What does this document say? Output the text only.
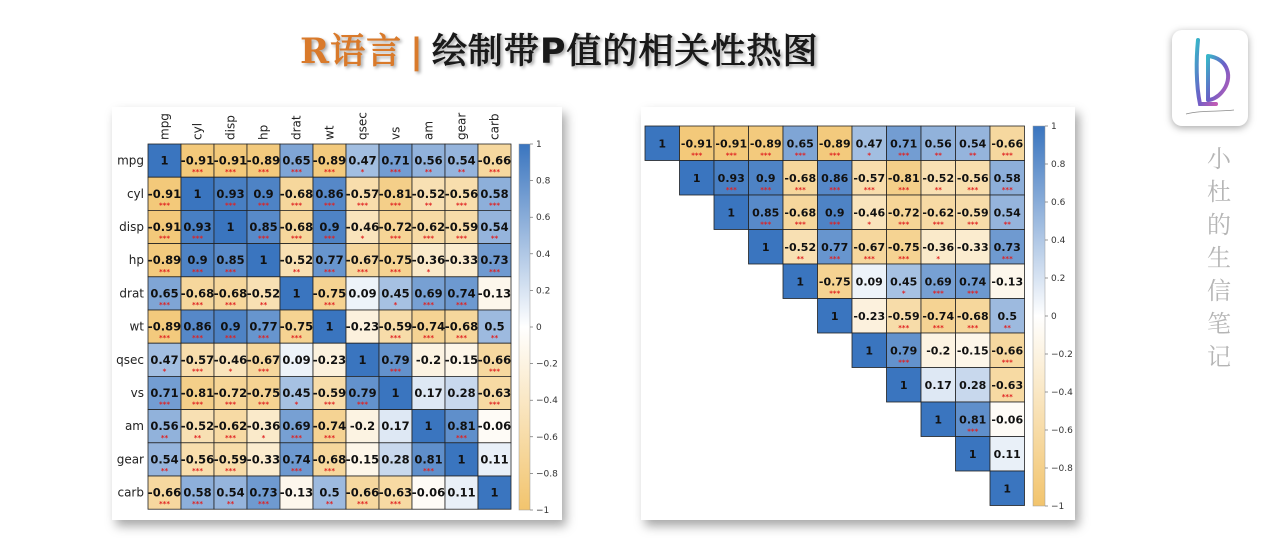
R语言 | 绘制带P值的相关性热图
mpg
mpg
cyl
cyl
disp
disp
hp
hp
drat
drat
wt
wt
qsec
qsec
vs
vs
am
am
gear
gear
carb
carb
1 -0.91
***
-0.91
***
-0.89
***
0.65
***
-0.89
***
0.47
*
0.71
***
0.56
**
0.54
**
-0.66
***
-0.91
***
1 0.93
***
0.9
***
-0.68
***
0.86
***
-0.57
***
-0.81
***
-0.52
**
-0.56
***
0.58
***
-0.91
***
0.93
***
1 0.85
***
-0.68
***
0.9
***
-0.46
*
-0.72
***
-0.62
***
-0.59
***
0.54
**
-0.89
***
0.9
***
0.85
***
1 -0.52
**
0.77
***
-0.67
***
-0.75
***
-0.36
*
-0.33 0.73
***
0.65
***
-0.68
***
-0.68
***
-0.52
**
1 -0.75
***
0.09 0.45
*
0.69
***
0.74
***
-0.13
-0.89
***
0.86
***
0.9
***
0.77
***
-0.75
***
1 -0.23 -0.59
***
-0.74
***
-0.68
***
0.5
**
0.47
*
-0.57
***
-0.46
*
-0.67
***
0.09 -0.23 1 0.79
***
-0.2 -0.15 -0.66
***
0.71
***
-0.81
***
-0.72
***
-0.75
***
0.45
*
-0.59
***
0.79
***
1 0.17 0.28 -0.63
***
0.56
**
-0.52
**
-0.62
***
-0.36
*
0.69
***
-0.74
***
-0.2 0.17 1 0.81
***
-0.06
0.54
**
-0.56
***
-0.59
***
-0.33 0.74
***
-0.68
***
-0.15 0.28 0.81
***
1 0.11
-0.66
***
0.58
***
0.54
**
0.73
***
-0.13 0.5
**
-0.66
***
-0.63
***
-0.06 0.11 1
1
0.8
0.6
0.4
0.2
0
−0.2
−0.4
−0.6
−0.8
−1
1 -0.91
***
-0.91
***
-0.89
***
0.65
***
-0.89
***
0.47
*
0.71
***
0.56
**
0.54
**
-0.66
***
1 0.93
***
0.9
***
-0.68
***
0.86
***
-0.57
***
-0.81
***
-0.52
**
-0.56
***
0.58
***
1 0.85
***
-0.68
***
0.9
***
-0.46
*
-0.72
***
-0.62
***
-0.59
***
0.54
**
1 -0.52
**
0.77
***
-0.67
***
-0.75
***
-0.36
*
-0.33 0.73
***
1 -0.75
***
0.09 0.45
*
0.69
***
0.74
***
-0.13
1 -0.23 -0.59
***
-0.74
***
-0.68
***
0.5
**
1 0.79
***
-0.2 -0.15 -0.66
***
1 0.17 0.28 -0.63
***
1 0.81
***
-0.06
1 0.11
1
1
0.8
0.6
0.4
0.2
0
−0.2
−0.4
−0.6
−0.8
−1
小
杜
的
生
信
笔
记
